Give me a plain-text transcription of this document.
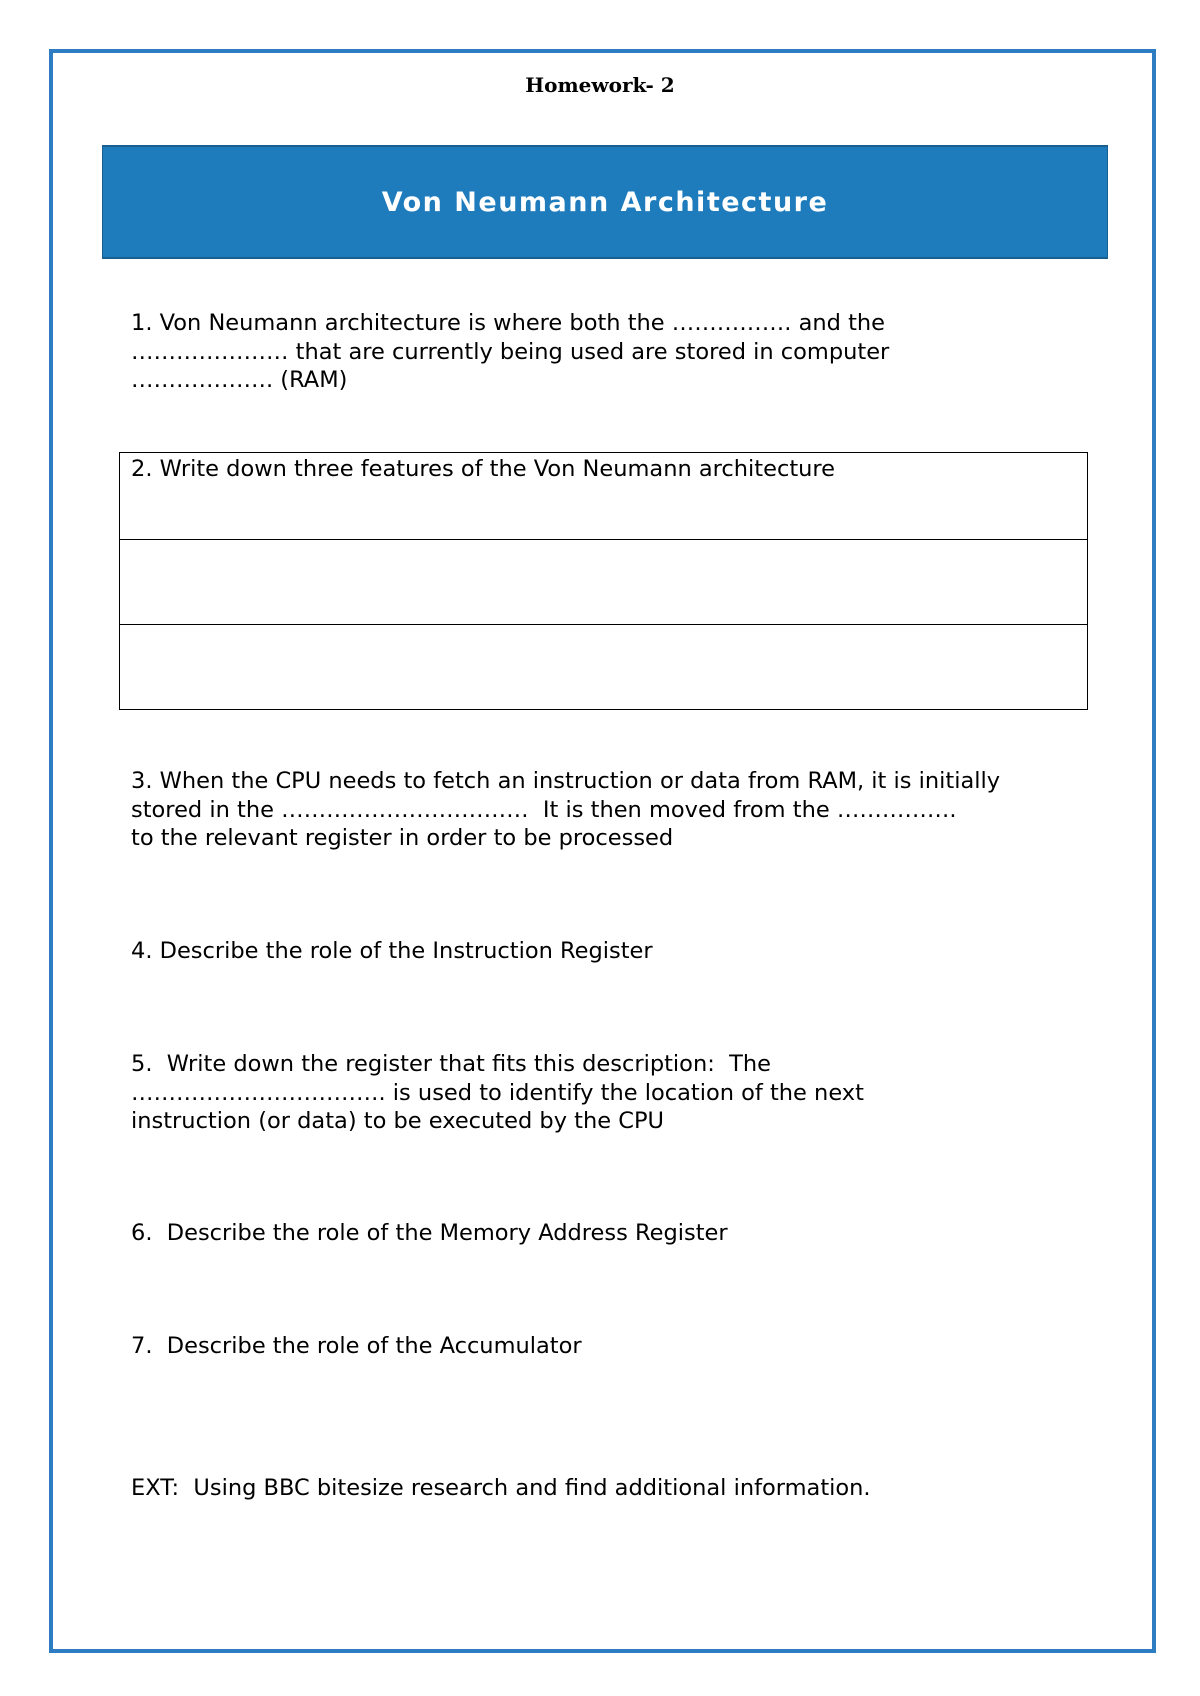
Homework- 2
Von Neumann Architecture
1. Von Neumann architecture is where both the ……………. and the
………………… that are currently being used are stored in computer
………………. (RAM)
2. Write down three features of the Von Neumann architecture

3. When the CPU needs to fetch an instruction or data from RAM, it is initially
stored in the ……………………………  It is then moved from the …………….
to the relevant register in order to be processed
4. Describe the role of the Instruction Register
5.  Write down the register that fits this description:  The
……………………………. is used to identify the location of the next
instruction (or data) to be executed by the CPU
6.  Describe the role of the Memory Address Register
7.  Describe the role of the Accumulator
EXT:  Using BBC bitesize research and find additional information.
